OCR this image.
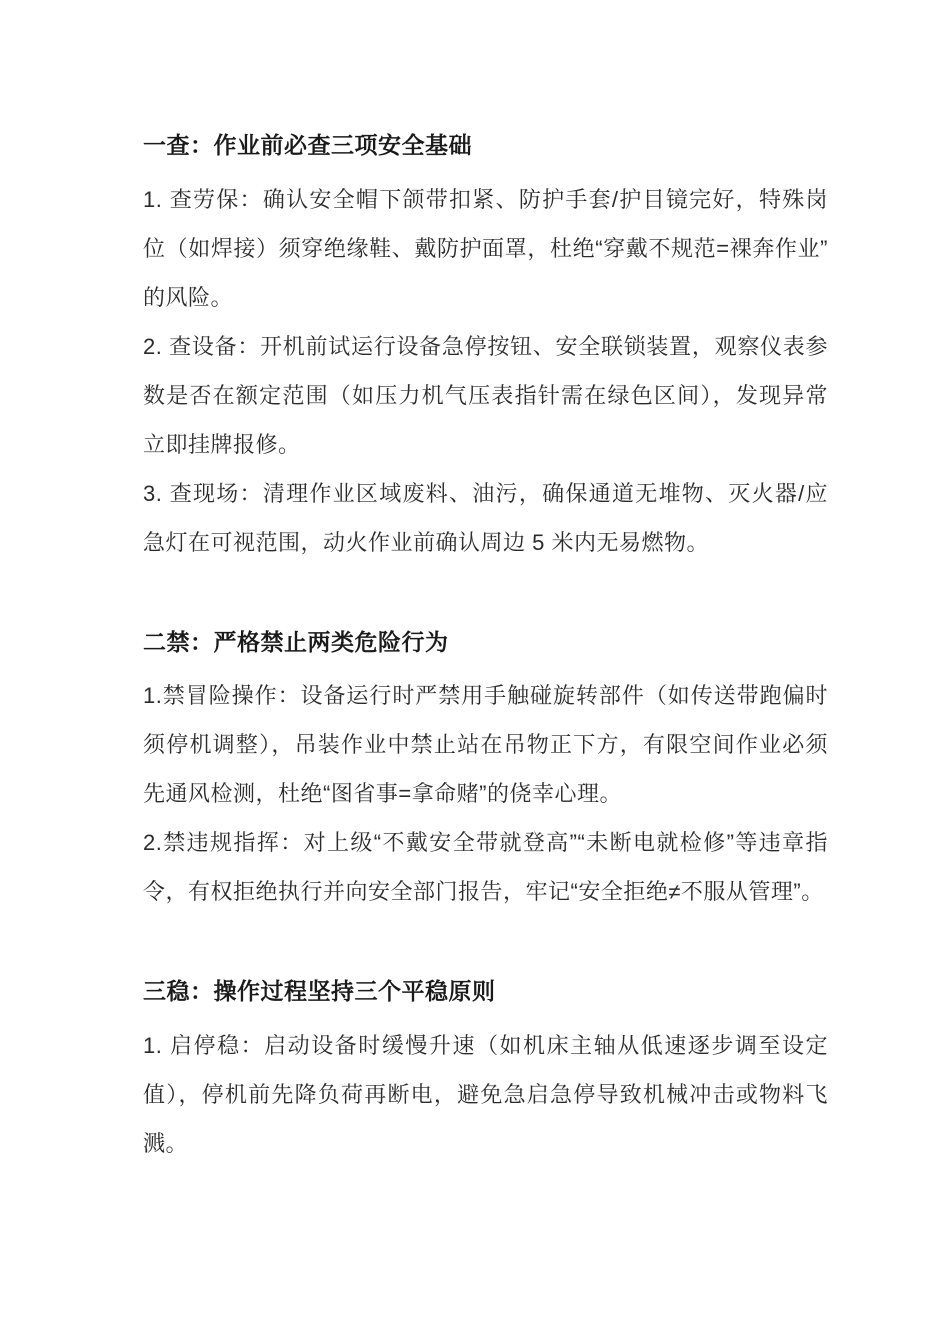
一查：作业前必查三项安全基础

1. 查劳保：确认安全帽下颌带扣紧、防护手套/护目镜完好，特殊岗位（如焊接）须穿绝缘鞋、戴防护面罩，杜绝“穿戴不规范=裸奔作业”的风险。

2. 查设备：开机前试运行设备急停按钮、安全联锁装置，观察仪表参数是否在额定范围（如压力机气压表指针需在绿色区间），发现异常立即挂牌报修。

3. 查现场：清理作业区域废料、油污，确保通道无堆物、灭火器/应急灯在可视范围，动火作业前确认周边 5 米内无易燃物。

二禁：严格禁止两类危险行为

1.禁冒险操作：设备运行时严禁用手触碰旋转部件（如传送带跑偏时须停机调整），吊装作业中禁止站在吊物正下方，有限空间作业必须先通风检测，杜绝“图省事=拿命赌”的侥幸心理。

2.禁违规指挥：对上级“不戴安全带就登高”“未断电就检修”等违章指令，有权拒绝执行并向安全部门报告，牢记“安全拒绝≠不服从管理”。

三稳：操作过程坚持三个平稳原则

1. 启停稳：启动设备时缓慢升速（如机床主轴从低速逐步调至设定值），停机前先降负荷再断电，避免急启急停导致机械冲击或物料飞溅。
